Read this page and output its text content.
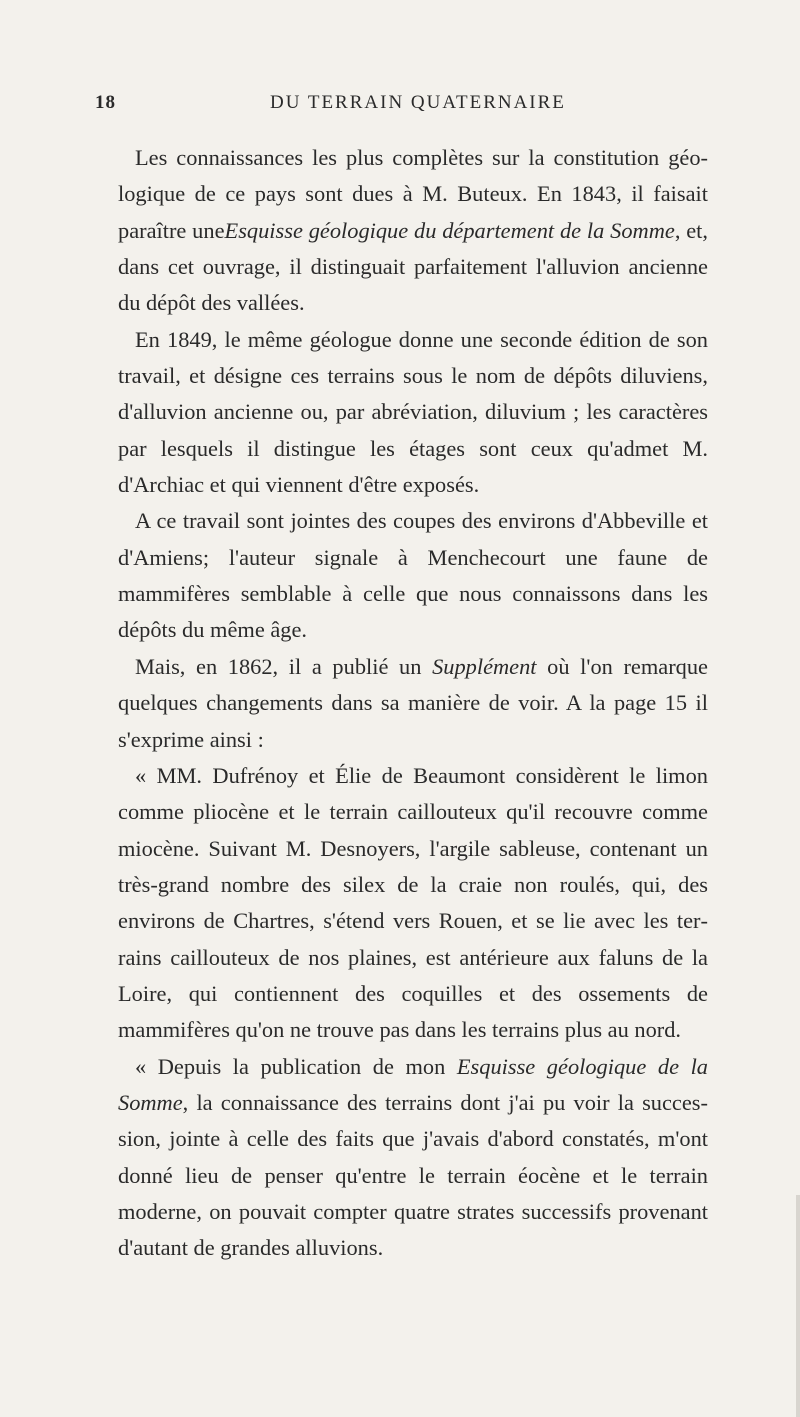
18	DU TERRAIN QUATERNAIRE

Les connaissances les plus complètes sur la constitution géologique de ce pays sont dues à M. Buteux. En 1843, il faisait paraître uneEsquisse géologique du département de la Somme, et, dans cet ouvrage, il distinguait parfaitement l'alluvion ancienne du dépôt des vallées.

En 1849, le même géologue donne une seconde édition de son travail, et désigne ces terrains sous le nom de dépôts diluviens, d'alluvion ancienne ou, par abréviation, diluvium ; les caractères par lesquels il distingue les étages sont ceux qu'admet M. d'Archiac et qui viennent d'être exposés.

A ce travail sont jointes des coupes des environs d'Abbeville et d'Amiens; l'auteur signale à Menchecourt une faune de mammifères semblable à celle que nous connaissons dans les dépôts du même âge.

Mais, en 1862, il a publié un Supplément où l'on remarque quelques changements dans sa manière de voir. A la page 15 il s'exprime ainsi :

« MM. Dufrénoy et Élie de Beaumont considèrent le limon comme pliocène et le terrain caillouteux qu'il recouvre comme miocène. Suivant M. Desnoyers, l'argile sableuse, contenant un très-grand nombre des silex de la craie non roulés, qui, des environs de Chartres, s'étend vers Rouen, et se lie avec les terrains caillouteux de nos plaines, est antérieure aux faluns de la Loire, qui contiennent des coquilles et des ossements de mammifères qu'on ne trouve pas dans les terrains plus au nord.

« Depuis la publication de mon Esquisse géologique de la Somme, la connaissance des terrains dont j'ai pu voir la succession, jointe à celle des faits que j'avais d'abord constatés, m'ont donné lieu de penser qu'entre le terrain éocène et le terrain moderne, on pouvait compter quatre strates successifs provenant d'autant de grandes alluvions.
